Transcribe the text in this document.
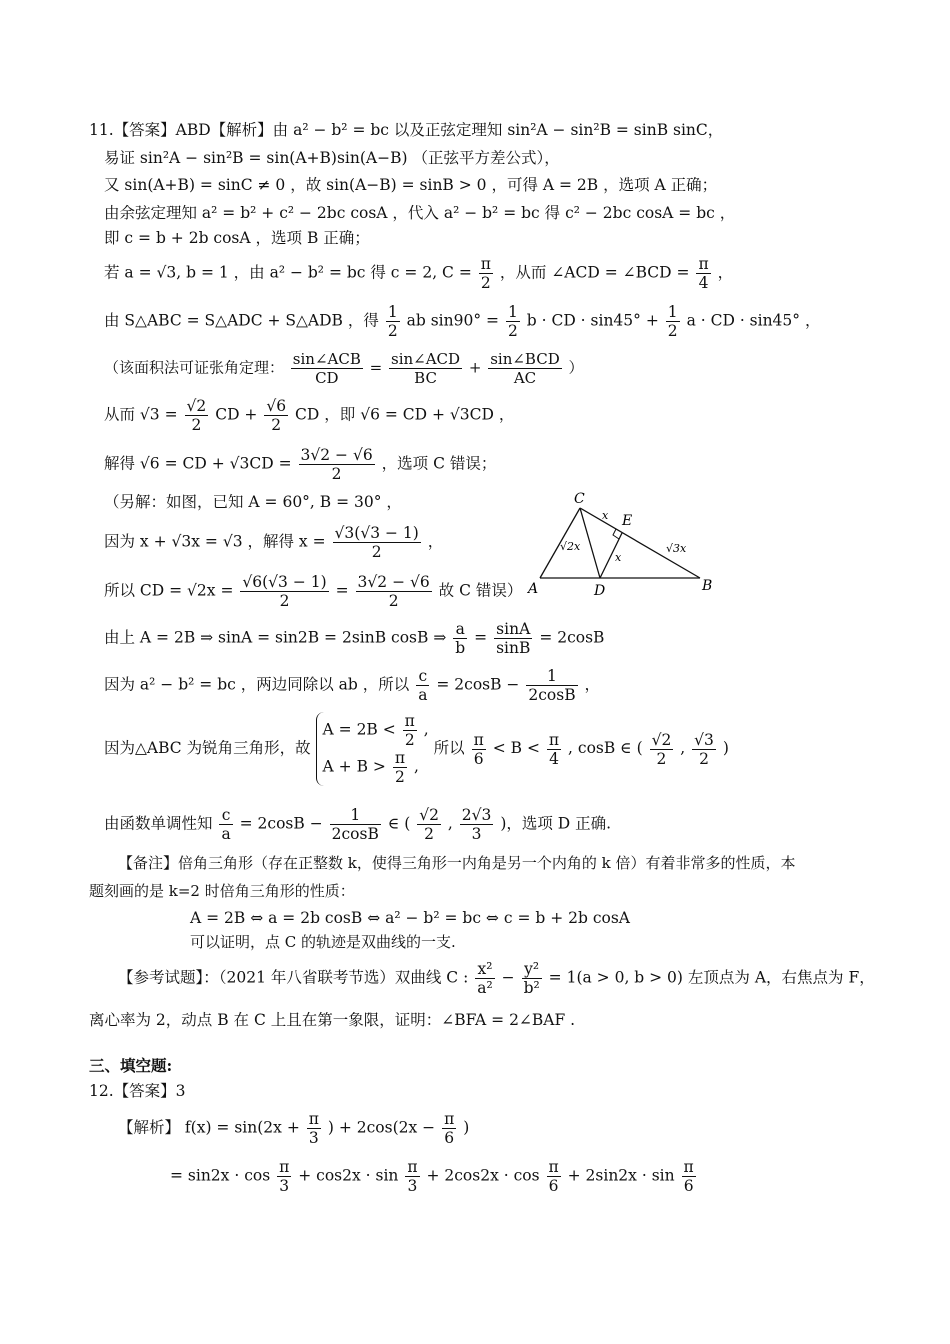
11.【答案】ABD【解析】由 a² − b² = bc 以及正弦定理知 sin²A − sin²B = sinB sinC，
易证 sin²A − sin²B = sin(A+B)sin(A−B) （正弦平方差公式），
又 sin(A+B) = sinC ≠ 0 ，故 sin(A−B) = sinB > 0 ，可得 A = 2B ，选项 A 正确；
由余弦定理知 a² = b² + c² − 2bc cosA ，代入 a² − b² = bc 得 c² − 2bc cosA = bc ，
即 c = b + 2b cosA ，选项 B 正确；
若 a = √3, b = 1 ，由 a² − b² = bc 得 c = 2, $C = \frac{\pi}{2}$ ，从而 ∠ACD = ∠BCD = $\frac{\pi}{4}$ ，
由 S△ABC = S△ADC + S△ADB ，得 $\frac{1}{2}$ ab $\sin 90^\circ = \frac{1}{2}$ b · CD · $\sin 45^\circ + \frac{1}{2}$ a · CD · sin45° ，
（该面积法可证张角定理： $\frac{\text{sin∠ACB}}{CD} = \frac{\text{sin∠ACD}}{BC} + \frac{\text{sin∠BCD}}{AC}$ ）
从而 $√3 = \frac{√2}{2}$ CD + $\frac{√6}{2}$ CD ，即 √6 = CD + √3CD ，
解得 √6 = CD + $√3CD = \frac{3√2 - √6}{2}$ ，选项 C 错误；
（另解：如图，已知 A = 60°, B = 30° ，
因为 x + √3x = √3 ，解得 $x = \frac{√3(√3 - 1)}{2}$ ，
所以 CD = $√2x = \frac{√6(√3 - 1)}{2} = \frac{3√2 - √6}{2}$ 故 C 错误）
C
E
A	D	B
x
x
√2x	√3x
由上 A = 2B ⇒ sinA = sin2B = 2sinB cosB ⇒ $\frac{a}{b} = \frac{\sin A}{\sin B} = 2\cos B$
因为 a² − b² = bc ，两边同除以 ab ，所以 $\frac{c}{a} = 2\cos B - \frac{1}{2\cos B}$ ，
因为△ABC 为锐角三角形，故
$A = 2B < \frac{\pi}{2}$ ,
$A + B > \frac{\pi}{2}$ ,
所以 $\frac{\pi}{6} < B < \frac{\pi}{4}$ , cosB ∈ ( $\frac{√2}{2}$ , $\frac{√3}{2}$ )
由函数单调性知 $\frac{c}{a} = 2\cos B - \frac{1}{2\cos B}$ ∈ ( $\frac{√2}{2}$ , $\frac{2√3}{3}$ )，选项 D 正确.
【备注】倍角三角形（存在正整数 k，使得三角形一内角是另一个内角的 k 倍）有着非常多的性质，本
题刻画的是 k=2 时倍角三角形的性质：
A = 2B ⇔ a = 2b cosB ⇔ a² − b² = bc ⇔ c = b + 2b cosA
可以证明，点 C 的轨迹是双曲线的一支.
【参考试题】：（2021 年八省联考节选）双曲线 C : $\frac{\text{x²}}{\text{a²}} - \frac{\text{y²}}{\text{b²}} = 1(a > 0$, b > 0) 左顶点为 A，右焦点为 F，
离心率为 2，动点 B 在 C 上且在第一象限，证明：∠BFA = 2∠BAF .
三、填空题:
12.【答案】3
【解析】 $f(x) = \sin(2x + \frac{\pi}{3}$ ) + $2\cos(2x - \frac{\pi}{6}$ )
= $\sin 2x \cdot \cos \frac{\pi}{3} + \cos 2x \cdot \sin \frac{\pi}{3} + 2\cos 2x \cdot \cos \frac{\pi}{6} + 2\sin 2x \cdot \sin \frac{\pi}{6}$
